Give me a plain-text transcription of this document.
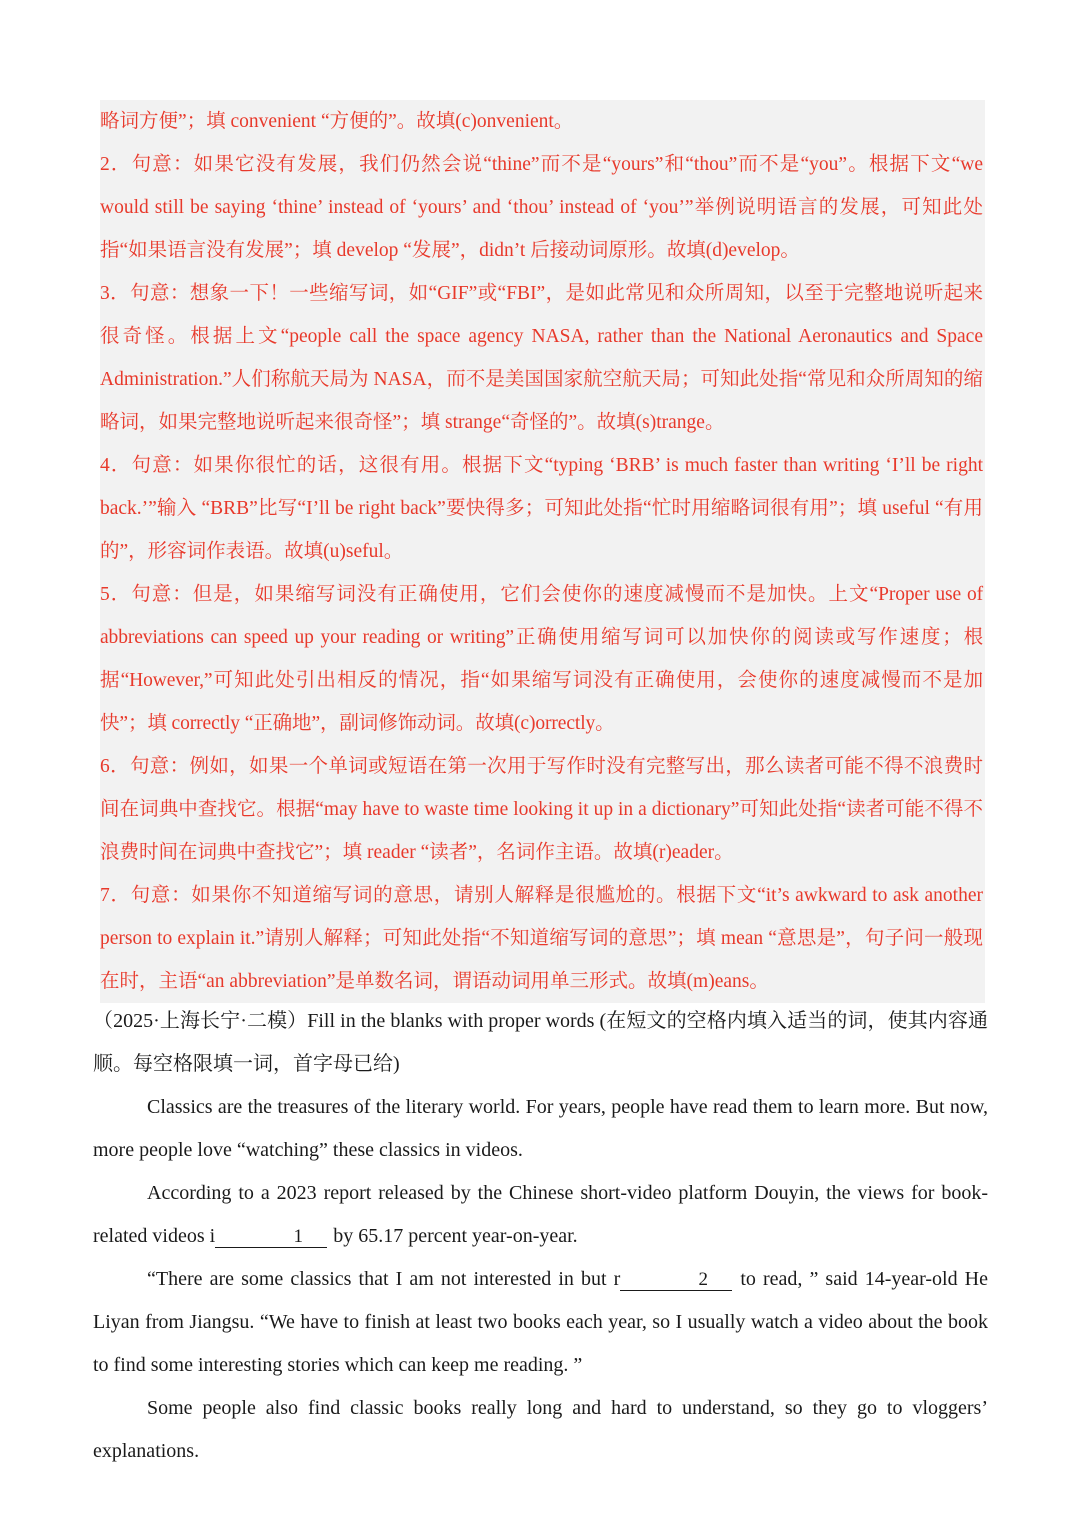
略词方便”；填 convenient “方便的”。故填(c)onvenient。

2．句意：如果它没有发展，我们仍然会说“thine”而不是“yours”和“thou”而不是“you”。根据下文“we would still be saying ‘thine’ instead of ‘yours’ and ‘thou’ instead of ‘you’”举例说明语言的发展，可知此处指“如果语言没有发展”；填 develop “发展”，didn’t 后接动词原形。故填(d)evelop。

3．句意：想象一下！一些缩写词，如“GIF”或“FBI”，是如此常见和众所周知，以至于完整地说听起来很奇怪。根据上文“people call the space agency NASA, rather than the National Aeronautics and Space Administration.”人们称航天局为 NASA，而不是美国国家航空航天局；可知此处指“常见和众所周知的缩略词，如果完整地说听起来很奇怪”；填 strange“奇怪的”。故填(s)trange。

4．句意：如果你很忙的话，这很有用。根据下文“typing ‘BRB’ is much faster than writing ‘I’ll be right back.’”输入 “BRB”比写“I’ll be right back”要快得多；可知此处指“忙时用缩略词很有用”；填 useful “有用的”，形容词作表语。故填(u)seful。

5．句意：但是，如果缩写词没有正确使用，它们会使你的速度减慢而不是加快。上文“Proper use of abbreviations can speed up your reading or writing”正确使用缩写词可以加快你的阅读或写作速度；根据“However,”可知此处引出相反的情况，指“如果缩写词没有正确使用，会使你的速度减慢而不是加快”；填 correctly “正确地”，副词修饰动词。故填(c)orrectly。

6．句意：例如，如果一个单词或短语在第一次用于写作时没有完整写出，那么读者可能不得不浪费时间在词典中查找它。根据“may have to waste time looking it up in a dictionary”可知此处指“读者可能不得不浪费时间在词典中查找它”；填 reader “读者”，名词作主语。故填(r)eader。

7．句意：如果你不知道缩写词的意思，请别人解释是很尴尬的。根据下文“it’s awkward to ask another person to explain it.”请别人解释；可知此处指“不知道缩写词的意思”；填 mean “意思是”，句子问一般现在时，主语“an abbreviation”是单数名词，谓语动词用单三形式。故填(m)eans。

（2025·上海长宁·二模）Fill in the blanks with proper words (在短文的空格内填入适当的词，使其内容通顺。每空格限填一词，首字母已给)

Classics are the treasures of the literary world. For years, people have read them to learn more. But now, more people love “watching” these classics in videos.

According to a 2023 report released by the Chinese short-video platform Douyin, the views for book-related videos i	1 by 65.17 percent year-on-year.

“There are some classics that I am not interested in but r	2 to read, ” said 14-year-old He Liyan from Jiangsu. “We have to finish at least two books each year, so I usually watch a video about the book to find some interesting stories which can keep me reading. ”

Some people also find classic books really long and hard to understand, so they go to vloggers’ explanations.
